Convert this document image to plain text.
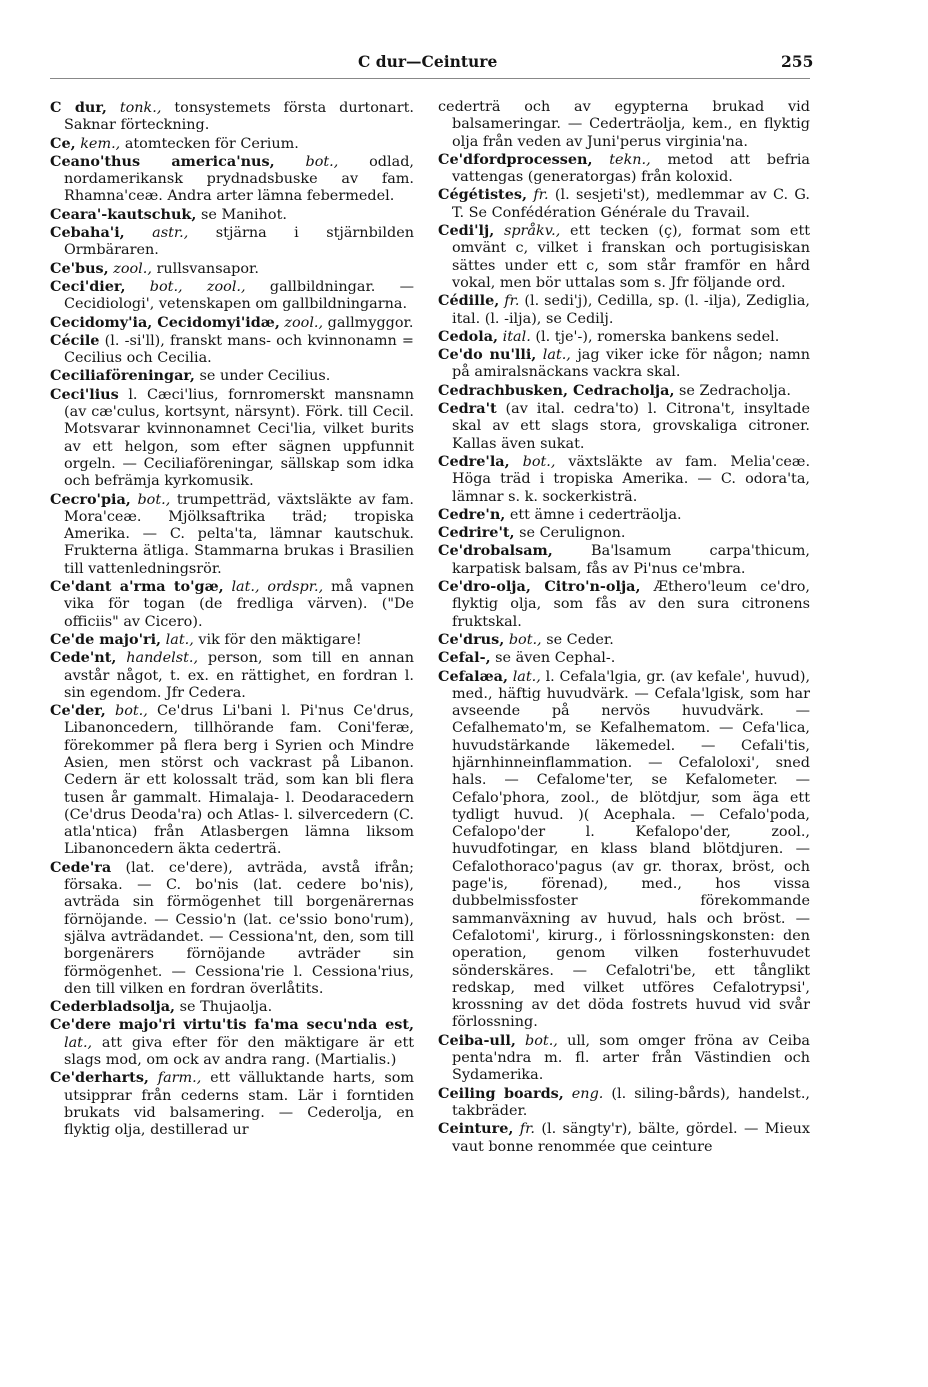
C dur—Ceinture	255

C dur, tonk., tonsystemets första durtonart. Saknar förteckning.

Ce, kem., atomtecken för Cerium.

Ceano'thus america'nus, bot., odlad, nordamerikansk prydnadsbuske av fam. Rhamna'ceæ. Andra arter lämna febermedel.

Ceara'-kautschuk, se Manihot.

Cebaha'i, astr., stjärna i stjärnbilden Ormbäraren.

Ce'bus, zool., rullsvansapor.

Ceci'dier, bot., zool., gallbildningar. — Cecidiologi', vetenskapen om gallbildningarna.

Cecidomy'ia, Cecidomyi'idæ, zool., gallmyggor.

Cécile (l. -si'll), franskt mans- och kvinnonamn = Cecilius och Cecilia.

Ceciliaföreningar, se under Cecilius.

Ceci'lius l. Cæci'lius, fornromerskt mansnamn (av cæ'culus, kortsynt, närsynt). Förk. till Cecil. Motsvarar kvinnonamnet Ceci'lia, vilket burits av ett helgon, som efter sägnen uppfunnit orgeln. — Ceciliaföreningar, sällskap som idka och befrämja kyrkomusik.

Cecro'pia, bot., trumpetträd, växtsläkte av fam. Mora'ceæ. Mjölksaftrika träd; tropiska Amerika. — C. pelta'ta, lämnar kautschuk. Frukterna ätliga. Stammarna brukas i Brasilien till vattenledningsrör.

Ce'dant a'rma to'gæ, lat., ordspr., må vapnen vika för togan (de fredliga värven). ("De officiis" av Cicero).

Ce'de majo'ri, lat., vik för den mäktigare!

Cede'nt, handelst., person, som till en annan avstår något, t. ex. en rättighet, en fordran l. sin egendom. Jfr Cedera.

Ce'der, bot., Ce'drus Li'bani l. Pi'nus Ce'drus, Libanoncedern, tillhörande fam. Coni'feræ, förekommer på flera berg i Syrien och Mindre Asien, men störst och vackrast på Libanon. Cedern är ett kolossalt träd, som kan bli flera tusen år gammalt. Himalaja- l. Deodaracedern (Ce'drus Deoda'ra) och Atlas- l. silvercedern (C. atla'ntica) från Atlasbergen lämna liksom Libanoncedern äkta cederträ.

Cede'ra (lat. ce'dere), avträda, avstå ifrån; försaka. — C. bo'nis (lat. cedere bo'nis), avträda sin förmögenhet till borgenärernas förnöjande. — Cessio'n (lat. ce'ssio bono'rum), själva avträdandet. — Cessiona'nt, den, som till borgenärers förnöjande avträder sin förmögenhet. — Cessiona'rie l. Cessiona'rius, den till vilken en fordran överlåtits.

Cederbladsolja, se Thujaolja.

Ce'dere majo'ri virtu'tis fa'ma secu'nda est, lat., att giva efter för den mäktigare är ett slags mod, om ock av andra rang. (Martialis.)

Ce'derharts, farm., ett välluktande harts, som utsipprar från cederns stam. Lär i forntiden brukats vid balsamering. — Cederolja, en flyktig olja, destillerad ur

cederträ och av egypterna brukad vid balsameringar. — Cederträolja, kem., en flyktig olja från veden av Juni'perus virginia'na.

Ce'dfordprocessen, tekn., metod att befria vattengas (generatorgas) från koloxid.

Cégétistes, fr. (l. sesjeti'st), medlemmar av C. G. T. Se Confédération Générale du Travail.

Cedi'lj, språkv., ett tecken (ç), format som ett omvänt c, vilket i franskan och portugisiskan sättes under ett c, som står framför en hård vokal, men bör uttalas som s. Jfr följande ord.

Cédille, fr. (l. sedi'j), Cedilla, sp. (l. -ilja), Zediglia, ital. (l. -ilja), se Cedilj.

Cedola, ital. (l. tje'-), romerska bankens sedel.

Ce'do nu'lli, lat., jag viker icke för någon; namn på amiralsnäckans vackra skal.

Cedrachbusken, Cedracholja, se Zedracholja.

Cedra't (av ital. cedra'to) l. Citrona't, insyltade skal av ett slags stora, grovskaliga citroner. Kallas även sukat.

Cedre'la, bot., växtsläkte av fam. Melia'ceæ. Höga träd i tropiska Amerika. — C. odora'ta, lämnar s. k. sockerkisträ.

Cedre'n, ett ämne i cederträolja.

Cedrire't, se Cerulignon.

Ce'drobalsam,	Ba'lsamum carpa'thicum, karpatisk balsam, fås av Pi'nus ce'mbra.

Ce'dro-olja, Citro'n-olja, Æthero'leum ce'dro, flyktig olja, som fås av den sura citronens fruktskal.

Ce'drus, bot., se Ceder.

Cefal-, se även Cephal-.

Cefalæa, lat., l. Cefala'lgia, gr. (av kefale', huvud), med., häftig huvudvärk. — Cefala'lgisk, som har avseende på nervös huvudvärk. — Cefalhemato'm, se Kefalhematom. — Cefa'lica, huvudstärkande läkemedel. — Cefali'tis, hjärnhinneinflammation. — Cefaloloxi', sned hals. — Cefalome'ter, se Kefalometer. — Cefalo'phora, zool., de blötdjur, som äga ett tydligt huvud. )( Acephala. — Cefalo'poda, Cefalopo'der l. Kefalopo'der, zool., huvudfotingar, en klass bland blötdjuren. — Cefalothoraco'pagus (av gr. thorax, bröst, och page'is, förenad), med., hos vissa dubbelmissfoster förekommande sammanväxning av huvud, hals och bröst. — Cefalotomi', kirurg., i förlossningskonsten: den operation, genom vilken fosterhuvudet sönderskäres. — Cefalotri'be, ett tånglikt redskap, med vilket utföres Cefalotrypsi', krossning av det döda fostrets huvud vid svår förlossning.

Ceiba-ull, bot., ull, som omger fröna av Ceiba penta'ndra m. fl. arter från Västindien och Sydamerika.

Ceiling boards, eng. (l. siling-bårds), handelst., takbräder.

Ceinture, fr. (l. sängty'r), bälte, gördel. — Mieux vaut bonne renommée que ceinture
